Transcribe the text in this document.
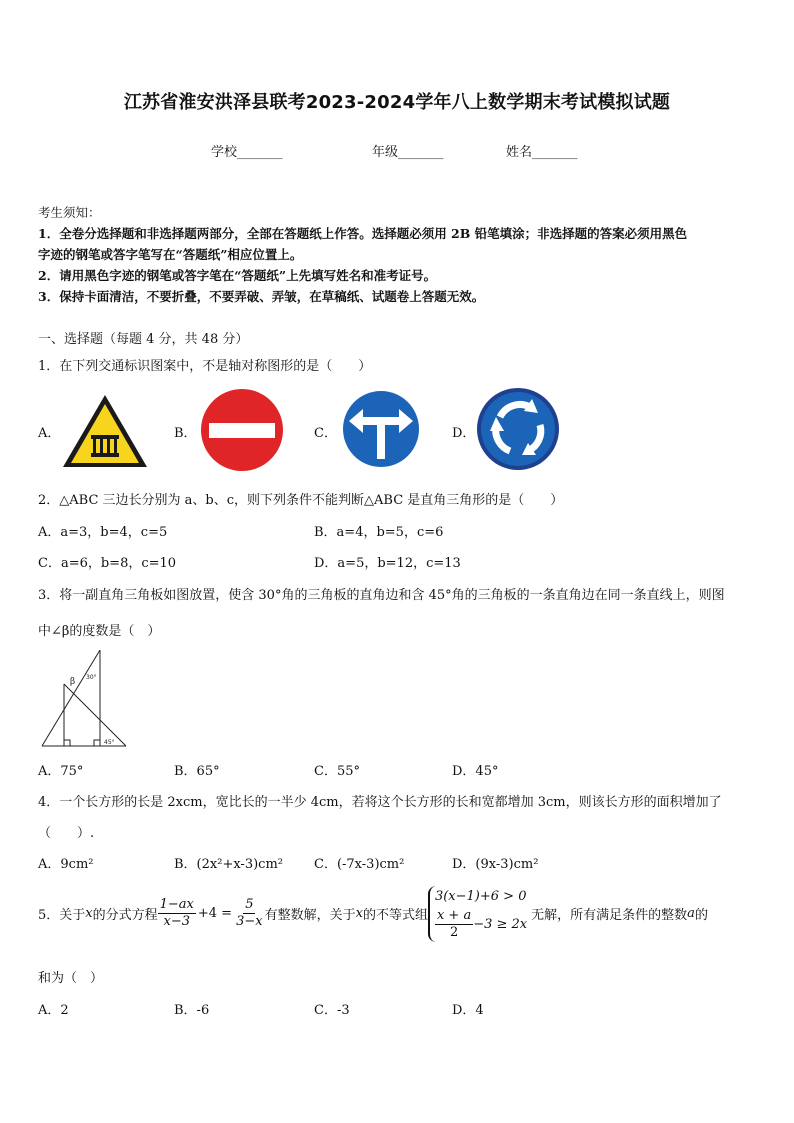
江苏省淮安洪泽县联考2023-2024学年八上数学期末考试模拟试题
学校_______	年级_______	姓名_______
考生须知：
1．全卷分选择题和非选择题两部分，全部在答题纸上作答。选择题必须用 2B 铅笔填涂；非选择题的答案必须用黑色
字迹的钢笔或答字笔写在“答题纸”相应位置上。
2．请用黑色字迹的钢笔或答字笔在“答题纸”上先填写姓名和准考证号。
3．保持卡面清洁，不要折叠，不要弄破、弄皱，在草稿纸、试题卷上答题无效。
一、选择题（每题 4 分，共 48 分）
1．在下列交通标识图案中，不是轴对称图形的是（　　）
A．	B．	C．	D．
2．△ABC 三边长分别为 a、b、c，则下列条件不能判断△ABC 是直角三角形的是（　　）
A．a=3，b=4，c=5	B．a=4，b=5，c=6
C．a=6，b=8，c=10	D．a=5，b=12，c=13
3．将一副直角三角板如图放置，使含 30°角的三角板的直角边和含 45°角的三角板的一条直角边在同一条直线上，则图
中∠β的度数是（　）
β 30°
45°
A．75°	B．65°	C．55°	D．45°
4．一个长方形的长是 2xcm，宽比长的一半少 4cm，若将这个长方形的长和宽都增加 3cm，则该长方形的面积增加了
（　　）.
A．9cm²	B．(2x²+x-3)cm² C．(-7x-3)cm²	D．(9x-3)cm²
5．关于 x 的分式方程 $\frac{1-ax}{x-3} +4 = \frac{5}{3-x}$ 有整数解，关于 x 的不等式组
3(x−1)+6 > 0
$\frac{x + a}{2} -3 \ge 2x$
无解，所有满足条件的整数 a 的
和为（　）
A．2	B．-6	C．-3	D．4
